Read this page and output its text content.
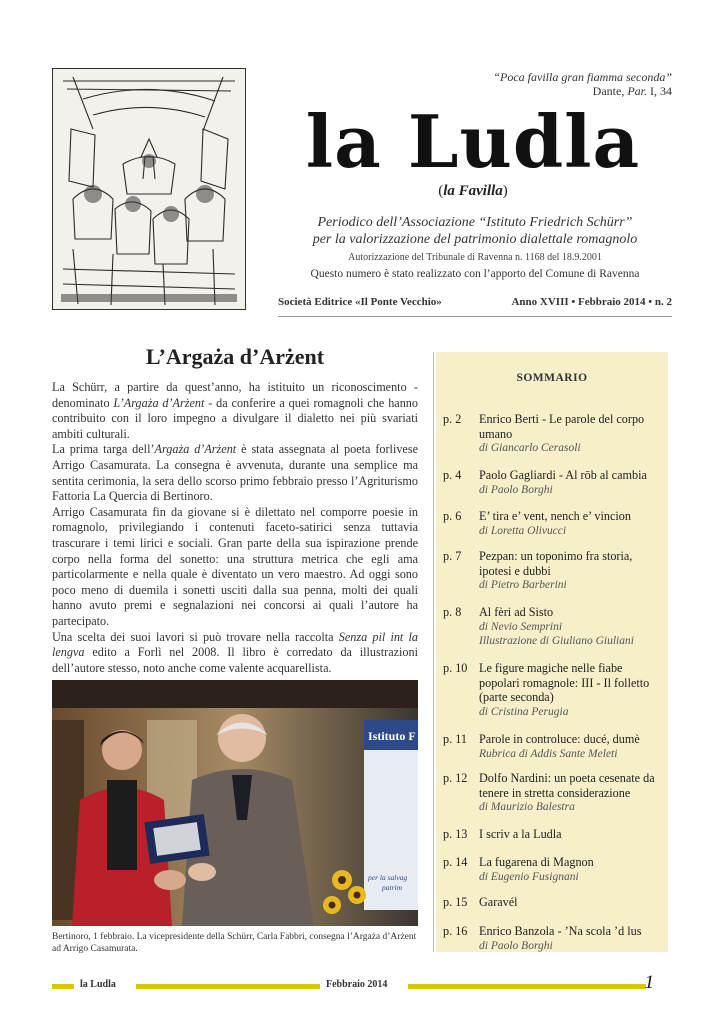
“Poca favilla gran fiamma seconda”
Dante, Par. I, 34
la Ludla
(la Favilla)
Periodico dell’Associazione “Istituto Friedrich Schürr”
per la valorizzazione del patrimonio dialettale romagnolo
Autorizzazione del Tribunale di Ravenna n. 1168 del 18.9.2001
Questo numero è stato realizzato con l’apporto del Comune di Ravenna
Società Editrice «Il Ponte Vecchio»	Anno XVIII • Febbraio 2014 • n. 2
L’Argaża d’Arżent

La Schürr, a partire da quest’anno, ha istituito un riconoscimento - denominato L’Argaża d’Arżent - da conferire a quei romagnoli che hanno contribuito con il loro impegno a divulgare il dialetto nei più svariati ambiti culturali.

La prima targa dell’Argaża d’Arżent è stata assegnata al poeta forlivese Arrigo Casamurata. La consegna è avvenuta, durante una semplice ma sentita cerimonia, la sera dello scorso primo febbraio presso l’Agriturismo Fattoria La Quercia di Bertinoro.

Arrigo Casamurata fin da giovane si è dilettato nel comporre poesie in romagnolo, privilegiando i contenuti faceto-satirici senza tuttavia trascurare i temi lirici e sociali. Gran parte della sua ispirazione prende corpo nella forma del sonetto: una struttura metrica che egli ama particolarmente e nella quale è diventato un vero maestro. Ad oggi sono poco meno di duemila i sonetti usciti dalla sua penna, molti dei quali hanno avuto premi e segnalazioni nei concorsi ai quali l’autore ha partecipato.

Una scelta dei suoi lavori si può trovare nella raccolta Senza pil int la lengva edito a Forlì nel 2008. Il libro è corredato da illustrazioni dell’autore stesso, noto anche come valente acquarellista.

Istituto F
per la salvag
patrim
Bertinoro, 1 febbraio. La vicepresidente della Schürr, Carla Fabbri, consegna l’Argaża d’Arżent ad Arrigo Casamurata.
SOMMARIO
p. 2	Enrico Berti - Le parole del corpo umano
di Giancarlo Cerasoli
p. 4	Paolo Gagliardi - Al rōb al cambia
di Paolo Borghi
p. 6	E’ tira e’ vent, nench e’ vincion
di Loretta Olivucci
p. 7	Pezpan: un toponimo fra storia, ipotesi e dubbi
di Pietro Barberini
p. 8	Al fèri ad Sisto
di Nevio Semprini
Illustrazione di Giuliano Giuliani
p. 10 Le figure magiche nelle fiabe popolari romagnole: III - Il folletto (parte seconda)
di Cristina Perugia
p. 11 Parole in controluce: ducé, dumè
Rubrica di Addis Sante Meleti
p. 12 Dolfo Nardini: un poeta cesenate da tenere in stretta considerazione
di Maurizio Balestra
p. 13 I scriv a la Ludla
p. 14 La fugarena di Magnon
di Eugenio Fusignani
p. 15 Garavél
p. 16 Enrico Banzola - ’Na scola ’d lus
di Paolo Borghi
la Ludla	Febbraio 2014	1
